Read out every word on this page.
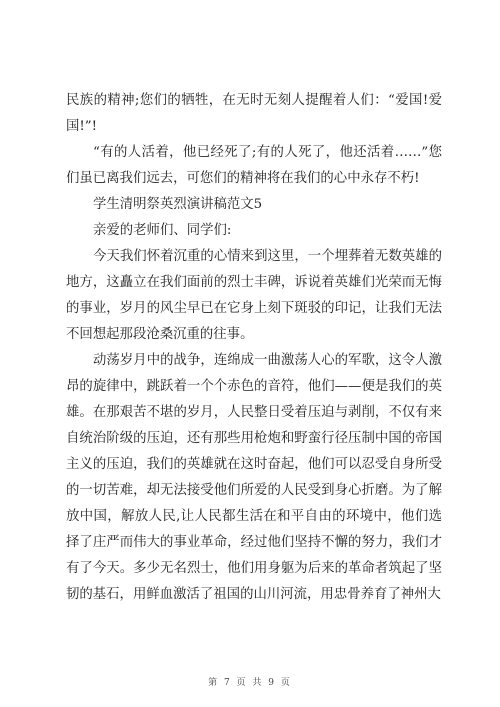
民族的精神;您们的牺牲，在无时无刻人提醒着人们：“爱国!爱国!”!

“有的人活着，他已经死了;有的人死了，他还活着……”您们虽已离我们远去，可您们的精神将在我们的心中永存不朽!

学生清明祭英烈演讲稿范文5

亲爱的老师们、同学们:

今天我们怀着沉重的心情来到这里，一个埋葬着无数英雄的地方，这矗立在我们面前的烈士丰碑，诉说着英雄们光荣而无悔的事业，岁月的风尘早已在它身上刻下斑驳的印记，让我们无法不回想起那段沧桑沉重的往事。

动荡岁月中的战争，连绵成一曲激荡人心的军歌，这令人激昂的旋律中，跳跃着一个个赤色的音符，他们——便是我们的英雄。在那艰苦不堪的岁月，人民整日受着压迫与剥削，不仅有来自统治阶级的压迫，还有那些用枪炮和野蛮行径压制中国的帝国主义的压迫，我们的英雄就在这时奋起，他们可以忍受自身所受的一切苦难，却无法接受他们所爱的人民受到身心折磨。为了解放中国，解放人民,让人民都生活在和平自由的环境中，他们选择了庄严而伟大的事业革命，经过他们坚持不懈的努力，我们才有了今天。多少无名烈士，他们用身躯为后来的革命者筑起了坚韧的基石，用鲜血激活了祖国的山川河流，用忠骨养育了神州大

第 7 页 共 9 页
